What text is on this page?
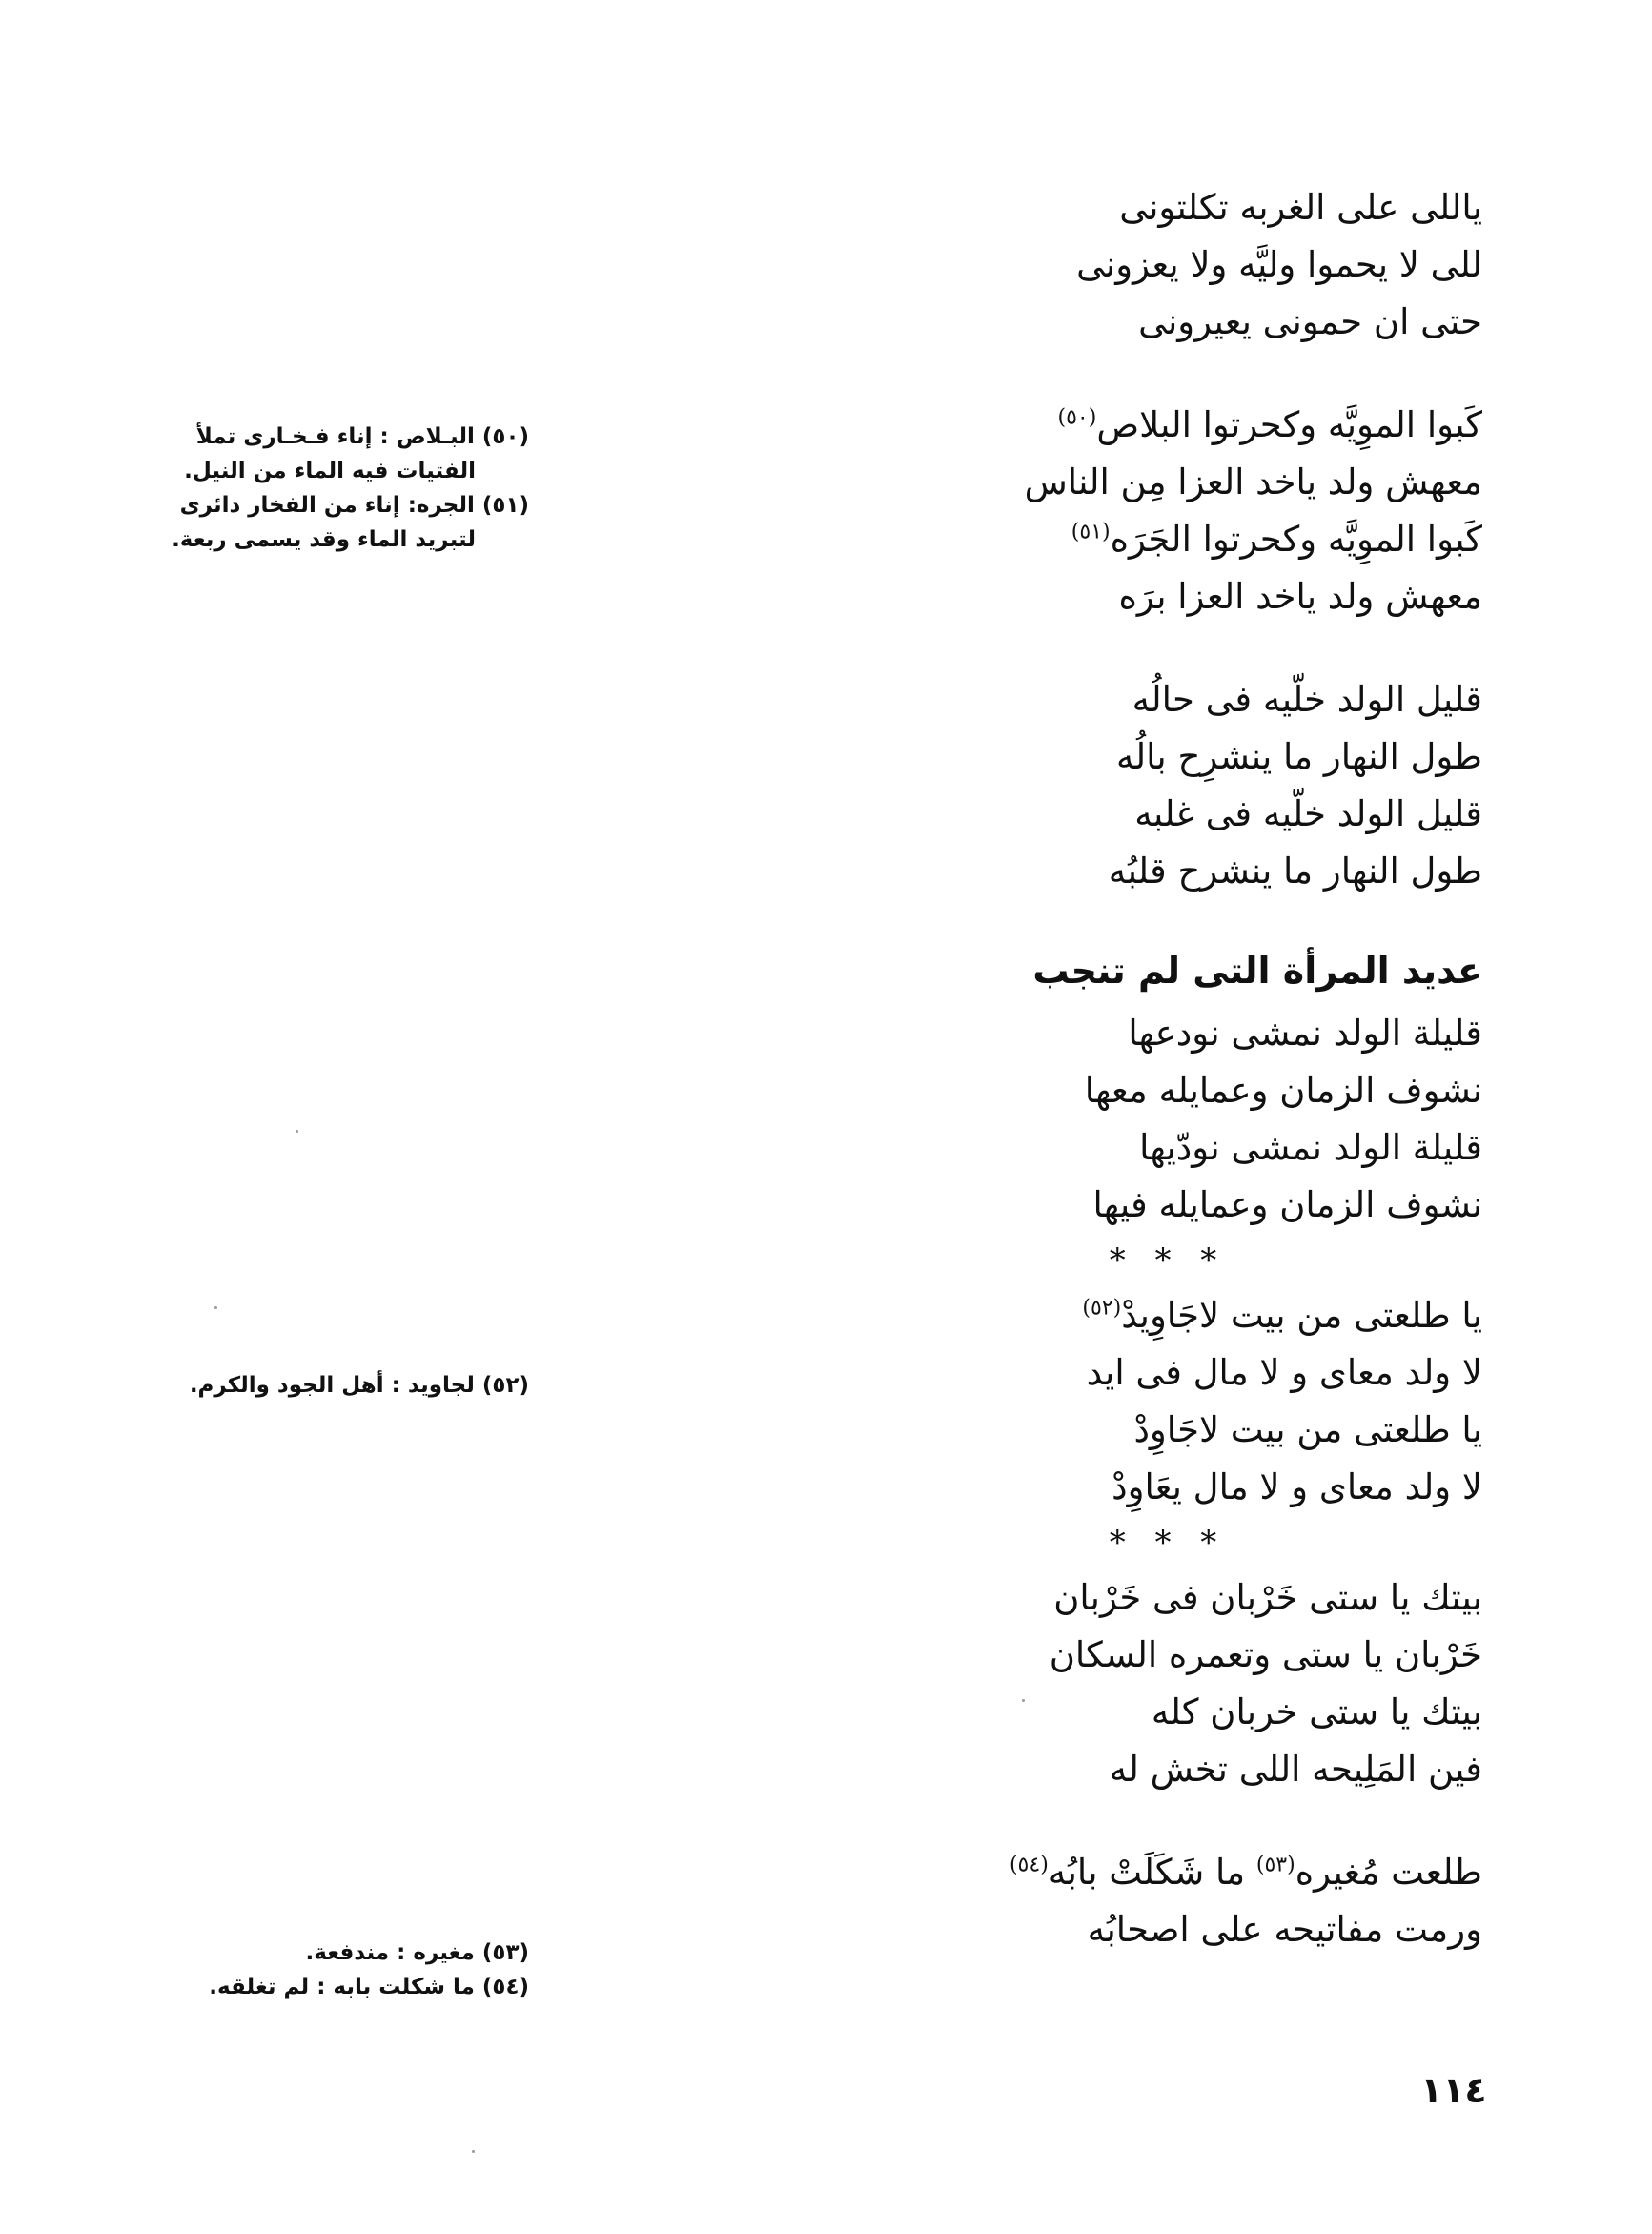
ياللى على الغربه تكلتونى
للى لا يحموا وليَّه ولا يعزونى
حتى ان حمونى يعيرونى
كَبوا الموِيَّه وكحرتوا البلاص$^{(٥٠)}$
معهش ولد ياخد العزا مِن الناس
كَبوا الموِيَّه وكحرتوا الجَرَه$^{(٥١)}$
معهش ولد ياخد العزا برَه
قليل الولد خلّيه فى حالُه
طول النهار ما ينشرِح بالُه
قليل الولد خلّيه فى غلبه
طول النهار ما ينشرح قلبُه
عديد المرأة التى لم تنجب
قليلة الولد نمشى نودعها
نشوف الزمان وعمايله معها
قليلة الولد نمشى نودّيها
نشوف الزمان وعمايله فيها
* * *
يا طلعتى من بيت لاجَاوِيدْ$^{(٥٢)}$
لا ولد معاى و لا مال فى ايد
يا طلعتى من بيت لاجَاوِدْ
لا ولد معاى و لا مال يعَاوِدْ
* * *
بيتك يا ستى خَرْبان فى خَرْبان
خَرْبان يا ستى وتعمره السكان
بيتك يا ستى خربان كله
فين المَلِيحه اللى تخش له
طلعت مُغيره$^{(٥٣)}$ ما شَكَلَتْ بابُه$^{(٥٤)}$
ورمت مفاتيحه على اصحابُه
(٥٠) البـلاص : إناء فـخـارى تملأ
الفتيات فيه الماء من النيل.
(٥١) الجره: إناء من الفخار دائرى
لتبريد الماء وقد يسمى ربعة.
(٥٢) لجاويد : أهل الجود والكرم.
(٥٣) مغيره : مندفعة.
(٥٤) ما شكلت بابه : لم تغلقه.
١١٤
